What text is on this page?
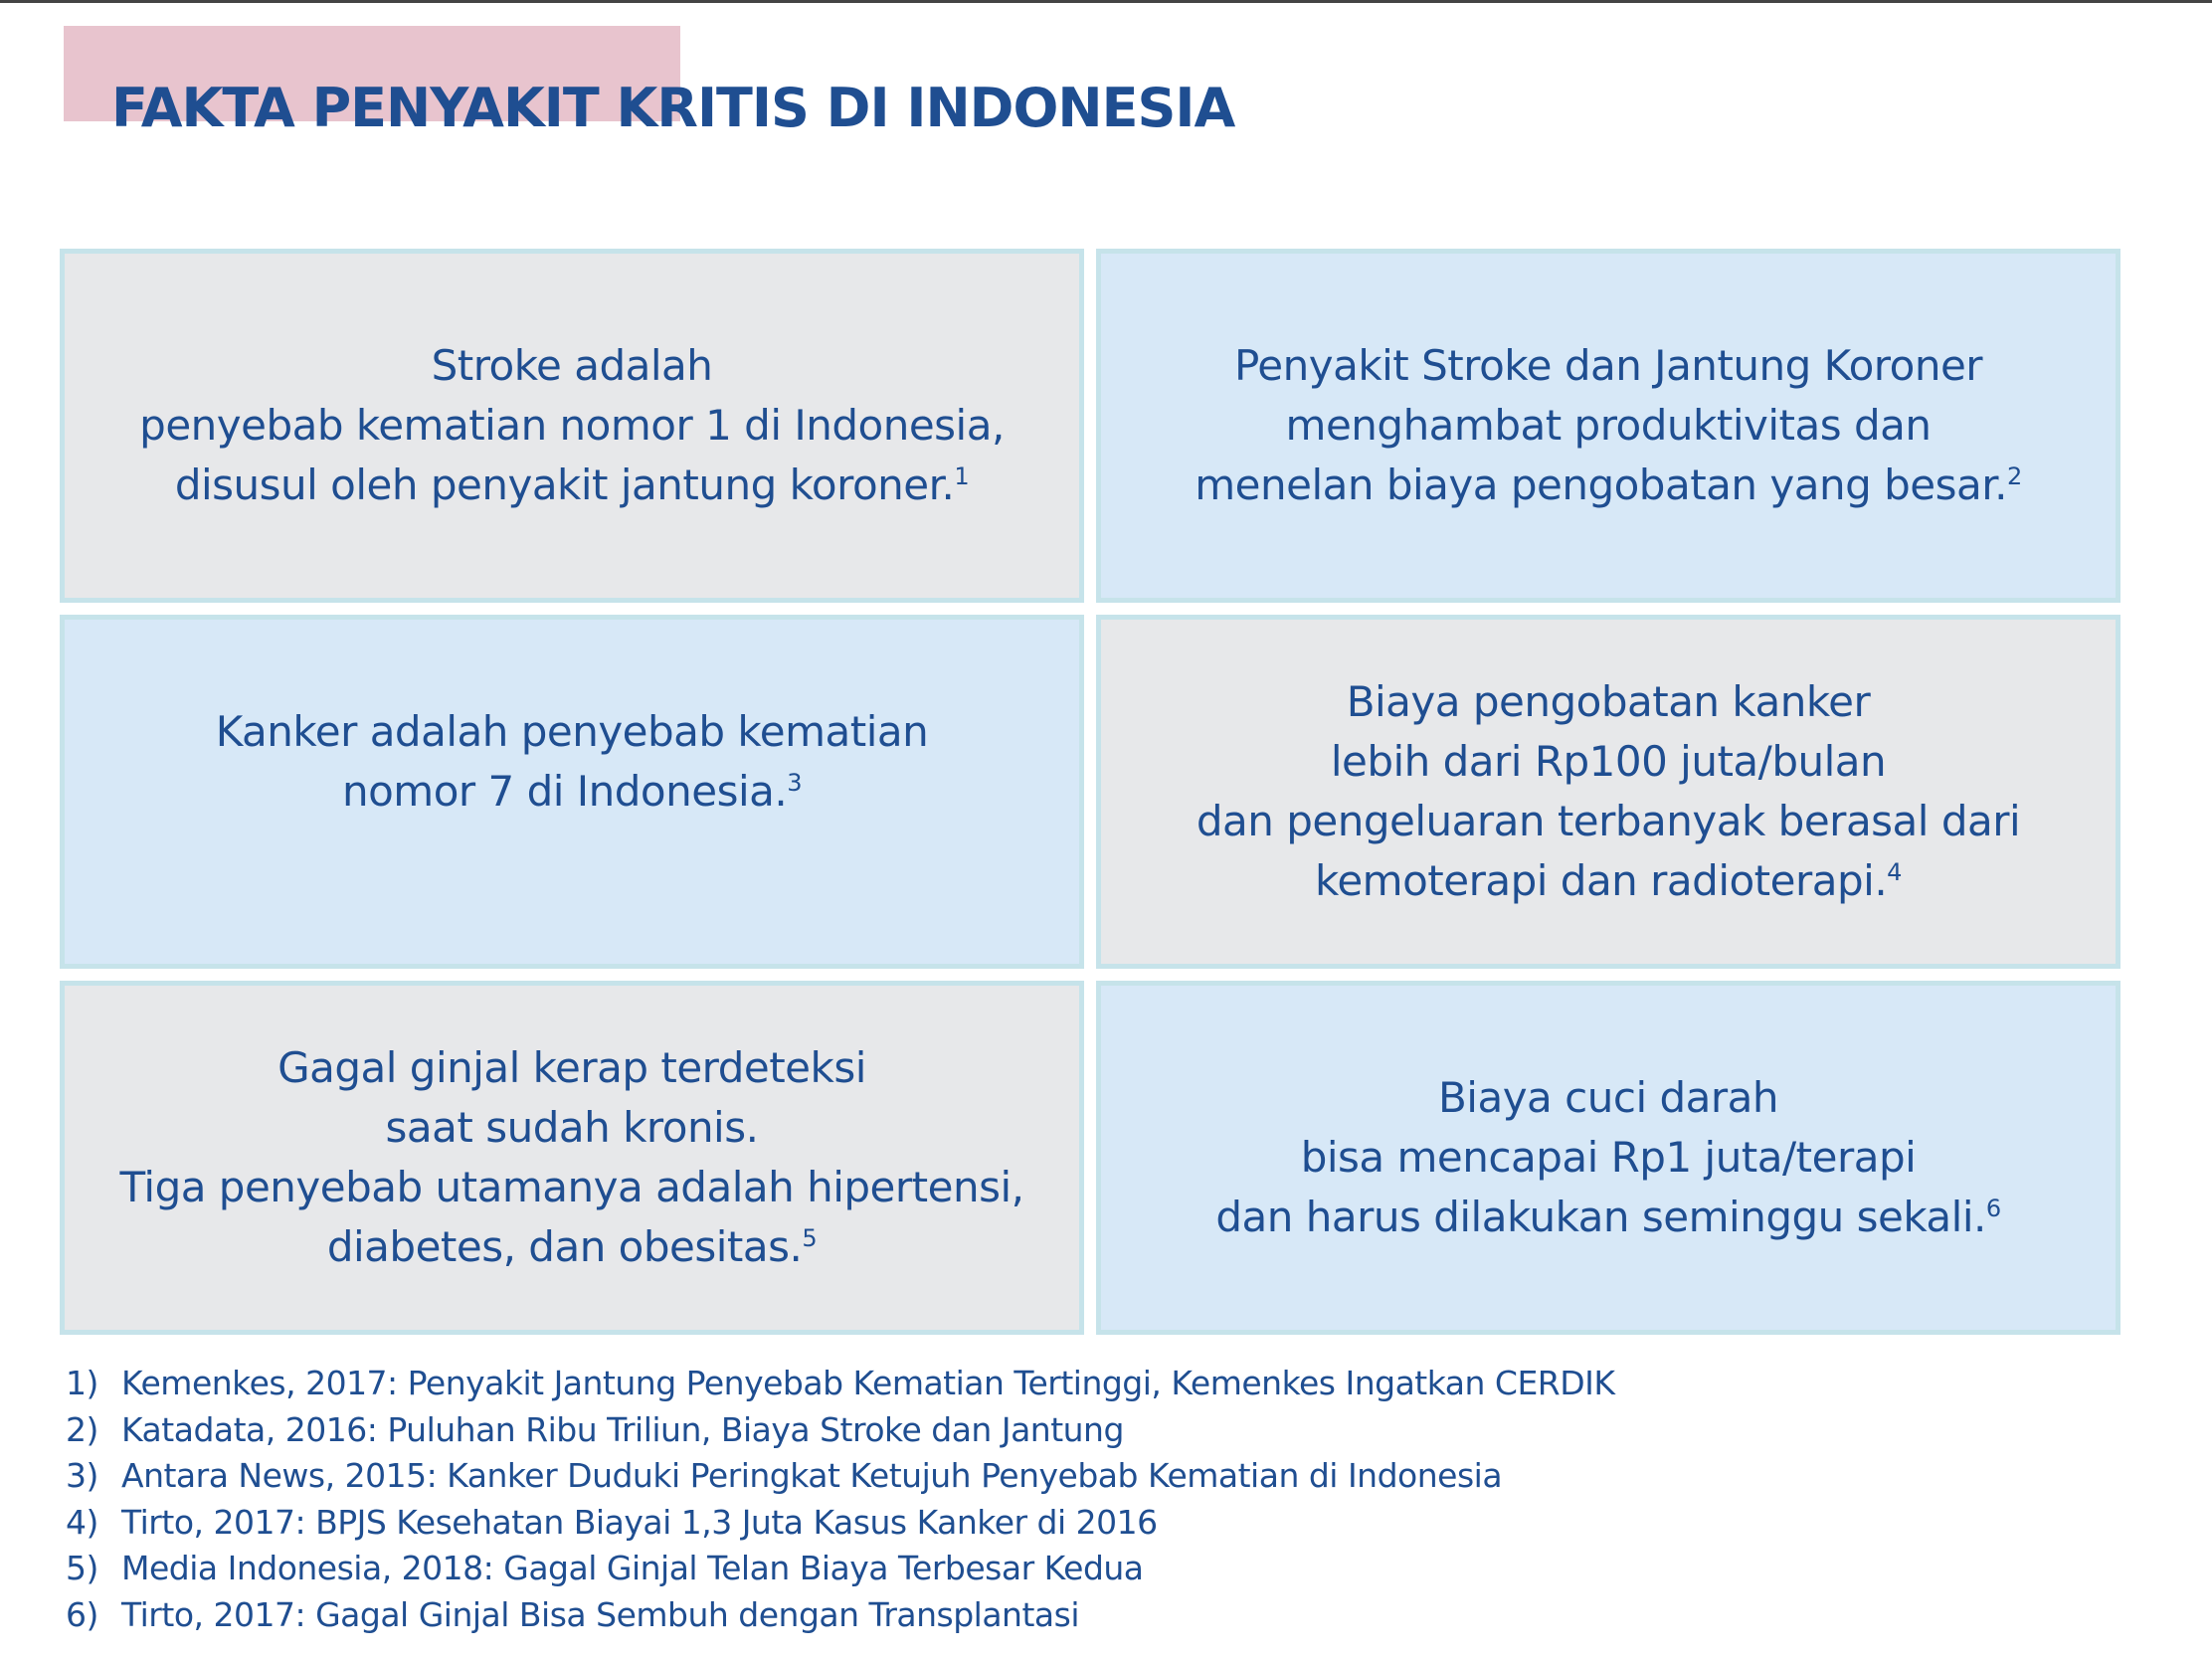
FAKTA PENYAKIT KRITIS DI INDONESIA
Stroke adalah
penyebab kematian nomor 1 di Indonesia,
disusul oleh penyakit jantung koroner.$^1$
Penyakit Stroke dan Jantung Koroner
menghambat produktivitas dan
menelan biaya pengobatan yang besar.$^2$
Kanker adalah penyebab kematian
nomor 7 di Indonesia.$^3$

Biaya pengobatan kanker
lebih dari Rp100 juta/bulan
dan pengeluaran terbanyak berasal dari
kemoterapi dan radioterapi.$^4$
Gagal ginjal kerap terdeteksi
saat sudah kronis.
Tiga penyebab utamanya adalah hipertensi,
diabetes, dan obesitas.$^5$
Biaya cuci darah
bisa mencapai Rp1 juta/terapi
dan harus dilakukan seminggu sekali.$^6$
1) Kemenkes, 2017: Penyakit Jantung Penyebab Kematian Tertinggi, Kemenkes Ingatkan CERDIK
2) Katadata, 2016: Puluhan Ribu Triliun, Biaya Stroke dan Jantung
3) Antara News, 2015: Kanker Duduki Peringkat Ketujuh Penyebab Kematian di Indonesia
4) Tirto, 2017: BPJS Kesehatan Biayai 1,3 Juta Kasus Kanker di 2016
5) Media Indonesia, 2018: Gagal Ginjal Telan Biaya Terbesar Kedua
6) Tirto, 2017: Gagal Ginjal Bisa Sembuh dengan Transplantasi
